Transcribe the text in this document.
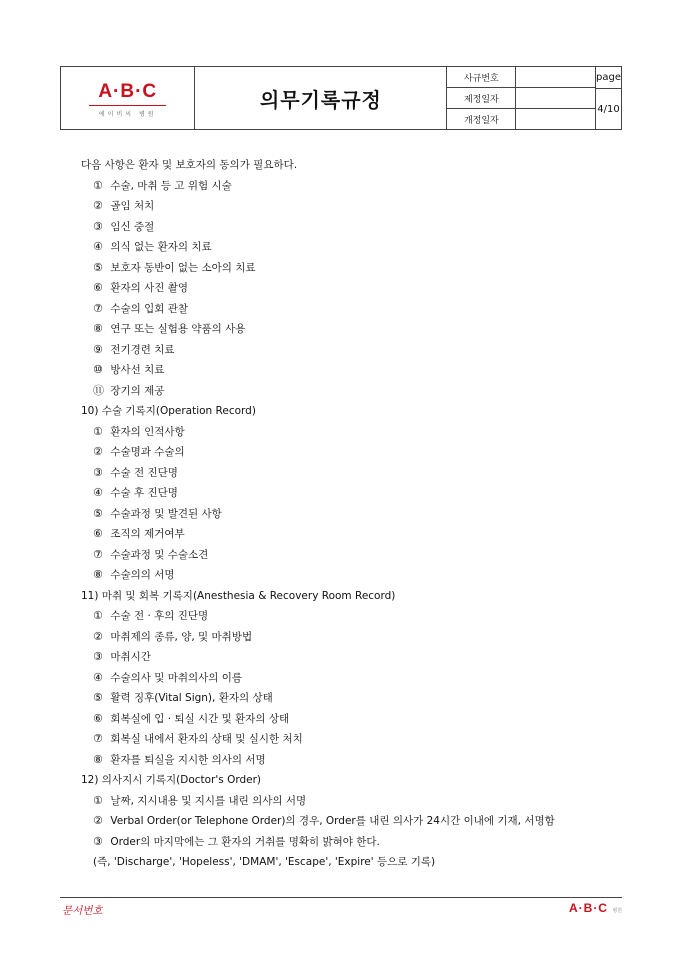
A·B·C
에이비씨 병원
의무기록규정
사규번호
제정일자
개정일자
page
4/10
다음 사항은 환자 및 보호자의 동의가 필요하다.
① 수술, 마취 등 고 위험 시술
② 골임 처치
③ 임신 중절
④ 의식 없는 환자의 치료
⑤ 보호자 동반이 없는 소아의 치료
⑥ 환자의 사진 촬영
⑦ 수술의 입회 관찰
⑧ 연구 또는 실험용 약품의 사용
⑨ 전기경련 치료
⑩ 방사선 치료
⑪ 장기의 제공
10) 수술 기록지(Operation Record)
① 환자의 인적사항
② 수술명과 수술의
③ 수술 전 진단명
④ 수술 후 진단명
⑤ 수술과정 및 발견된 사항
⑥ 조직의 제거여부
⑦ 수술과정 및 수술소견
⑧ 수술의의 서명
11) 마취 및 회복 기록지(Anesthesia & Recovery Room Record)
① 수술 전 · 후의 진단명
② 마취제의 종류, 양, 및 마취방법
③ 마취시간
④ 수술의사 및 마취의사의 이름
⑤ 활력 징후(Vital Sign), 환자의 상태
⑥ 회복실에 입 · 퇴실 시간 및 환자의 상태
⑦ 회복실 내에서 환자의 상태 및 실시한 처치
⑧ 환자를 퇴실을 지시한 의사의 서명
12) 의사지시 기록지(Doctor's Order)
① 날짜, 지시내용 및 지시를 내린 의사의 서명
② Verbal Order(or Telephone Order)의 경우, Order를 내린 의사가 24시간 이내에 기재, 서명함
③ Order의 마지막에는 그 환자의 거취를 명확히 밝혀야 한다.
(즉, 'Discharge', 'Hopeless', 'DMAM', 'Escape', 'Expire' 등으로 기록)
문서번호	A·B·C 병원
